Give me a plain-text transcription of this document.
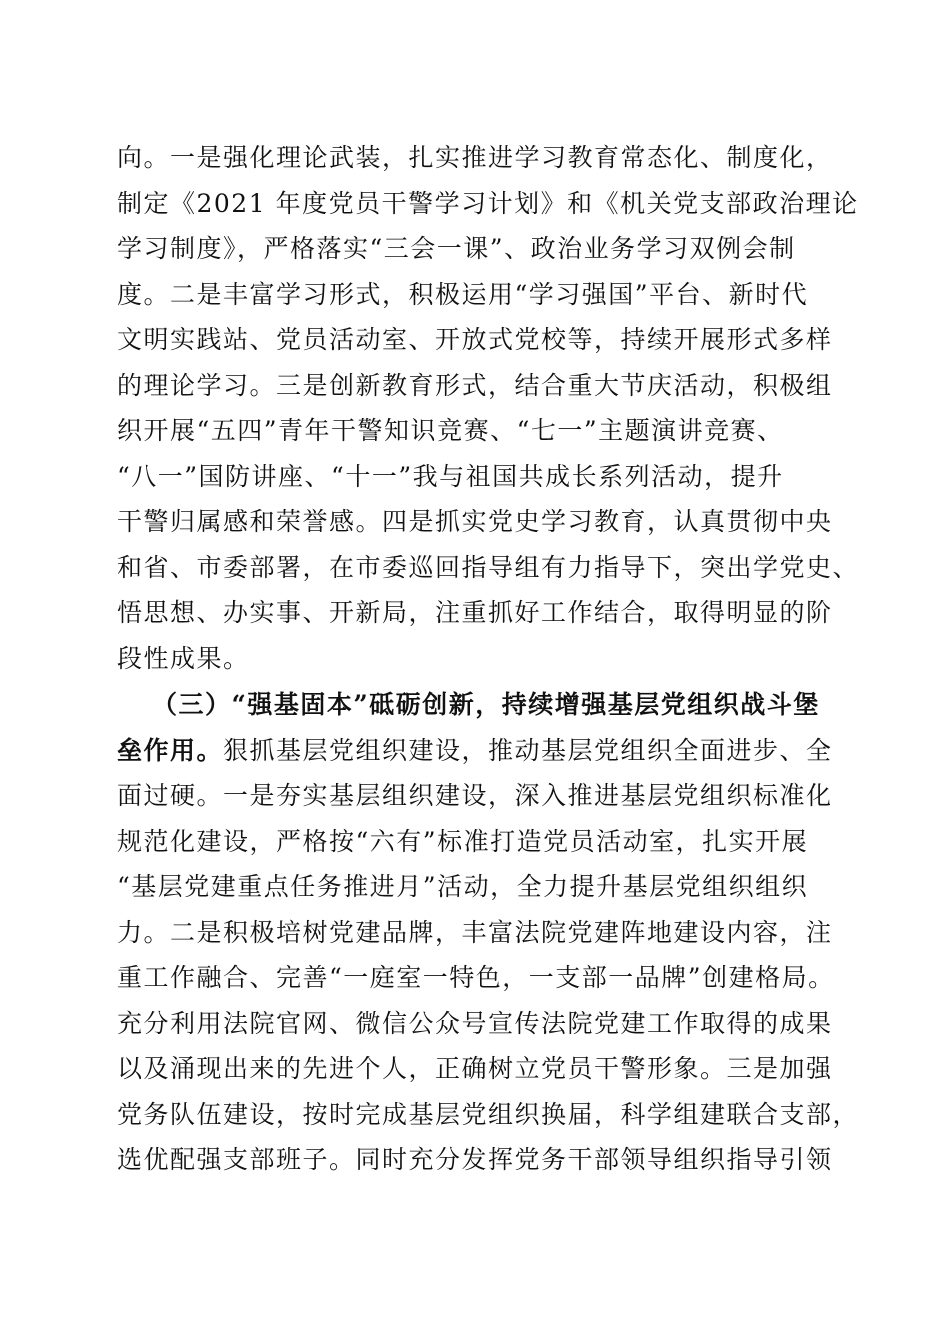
向。一是强化理论武装，扎实推进学习教育常态化、制度化，
制定《2021 年度党员干警学习计划》和《机关党支部政治理论
学习制度》，严格落实“三会一课”、政治业务学习双例会制
度。二是丰富学习形式，积极运用“学习强国”平台、新时代
文明实践站、党员活动室、开放式党校等，持续开展形式多样
的理论学习。三是创新教育形式，结合重大节庆活动，积极组
织开展“五四”青年干警知识竞赛、“七一”主题演讲竞赛、
“八一”国防讲座、“十一”我与祖国共成长系列活动，提升
干警归属感和荣誉感。四是抓实党史学习教育，认真贯彻中央
和省、市委部署，在市委巡回指导组有力指导下，突出学党史、
悟思想、办实事、开新局，注重抓好工作结合，取得明显的阶
段性成果。
（三）“强基固本”砥砺创新，持续增强基层党组织战斗堡
垒作用。狠抓基层党组织建设，推动基层党组织全面进步、全
面过硬。一是夯实基层组织建设，深入推进基层党组织标准化
规范化建设，严格按“六有”标准打造党员活动室，扎实开展
“基层党建重点任务推进月”活动，全力提升基层党组织组织
力。二是积极培树党建品牌，丰富法院党建阵地建设内容，注
重工作融合、完善“一庭室一特色，一支部一品牌”创建格局。
充分利用法院官网、微信公众号宣传法院党建工作取得的成果
以及涌现出来的先进个人，正确树立党员干警形象。三是加强
党务队伍建设，按时完成基层党组织换届，科学组建联合支部，
选优配强支部班子。同时充分发挥党务干部领导组织指导引领
